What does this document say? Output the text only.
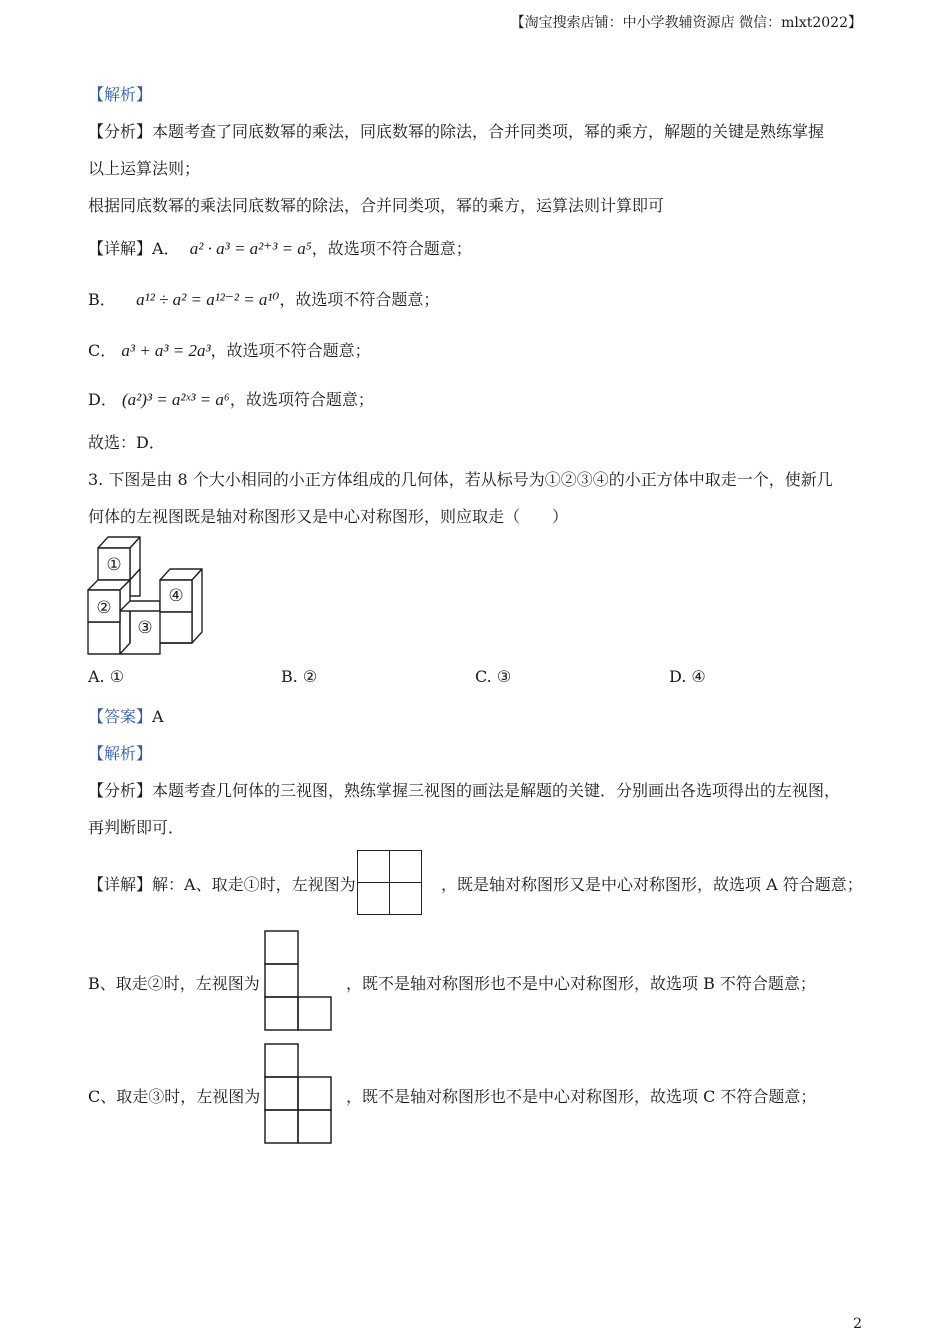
【淘宝搜索店铺：中小学教辅资源店 微信：mlxt2022】
【解析】
【分析】本题考查了同底数幂的乘法，同底数幂的除法，合并同类项，幂的乘方，解题的关键是熟练掌握
以上运算法则；
根据同底数幂的乘法同底数幂的除法，合并同类项，幂的乘方，运算法则计算即可
【详解】A． a² · a³ = a²⁺³ = a⁵，故选项不符合题意；
B． a¹² ÷ a² = a¹²⁻² = a¹⁰，故选项不符合题意；
C． a³ + a³ = 2a³，故选项不符合题意；
D． (a²)³ = a²ˣ³ = a⁶，故选项符合题意；
故选：D．
3. 下图是由 8 个大小相同的小正方体组成的几何体，若从标号为①②③④的小正方体中取走一个，使新几
何体的左视图既是轴对称图形又是中心对称图形，则应取走（　　）
①
②
③
④
A. ①	B. ②	C. ③	D. ④
【答案】A
【解析】
【分析】本题考查几何体的三视图，熟练掌握三视图的画法是解题的关键．分别画出各选项得出的左视图，
再判断即可．
【详解】解：A、取走①时，左视图为	，既是轴对称图形又是中心对称图形，故选项 A 符合题意；
B、取走②时，左视图为	，既不是轴对称图形也不是中心对称图形，故选项 B 不符合题意；
C、取走③时，左视图为	，既不是轴对称图形也不是中心对称图形，故选项 C 不符合题意；
2
